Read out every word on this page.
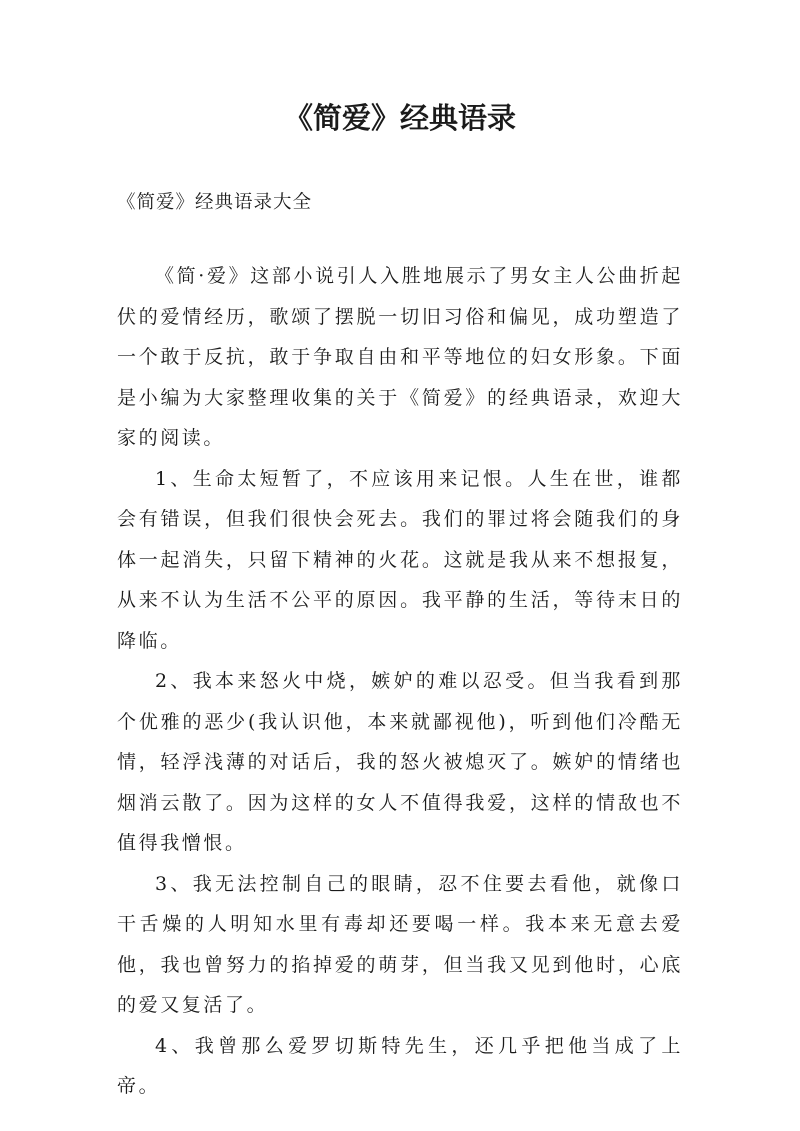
《简爱》经典语录
《简爱》经典语录大全

《简·爱》这部小说引人入胜地展示了男女主人公曲折起伏的爱情经历，歌颂了摆脱一切旧习俗和偏见，成功塑造了一个敢于反抗，敢于争取自由和平等地位的妇女形象。下面是小编为大家整理收集的关于《简爱》的经典语录，欢迎大家的阅读。

1、生命太短暂了，不应该用来记恨。人生在世，谁都会有错误，但我们很快会死去。我们的罪过将会随我们的身体一起消失，只留下精神的火花。这就是我从来不想报复，从来不认为生活不公平的原因。我平静的生活，等待末日的降临。

2、我本来怒火中烧，嫉妒的难以忍受。但当我看到那个优雅的恶少(我认识他，本来就鄙视他)，听到他们冷酷无情，轻浮浅薄的对话后，我的怒火被熄灭了。嫉妒的情绪也烟消云散了。因为这样的女人不值得我爱，这样的情敌也不值得我憎恨。

3、我无法控制自己的眼睛，忍不住要去看他，就像口干舌燥的人明知水里有毒却还要喝一样。我本来无意去爱他，我也曾努力的掐掉爱的萌芽，但当我又见到他时，心底的爱又复活了。

4、我曾那么爱罗切斯特先生，还几乎把他当成了上帝。
